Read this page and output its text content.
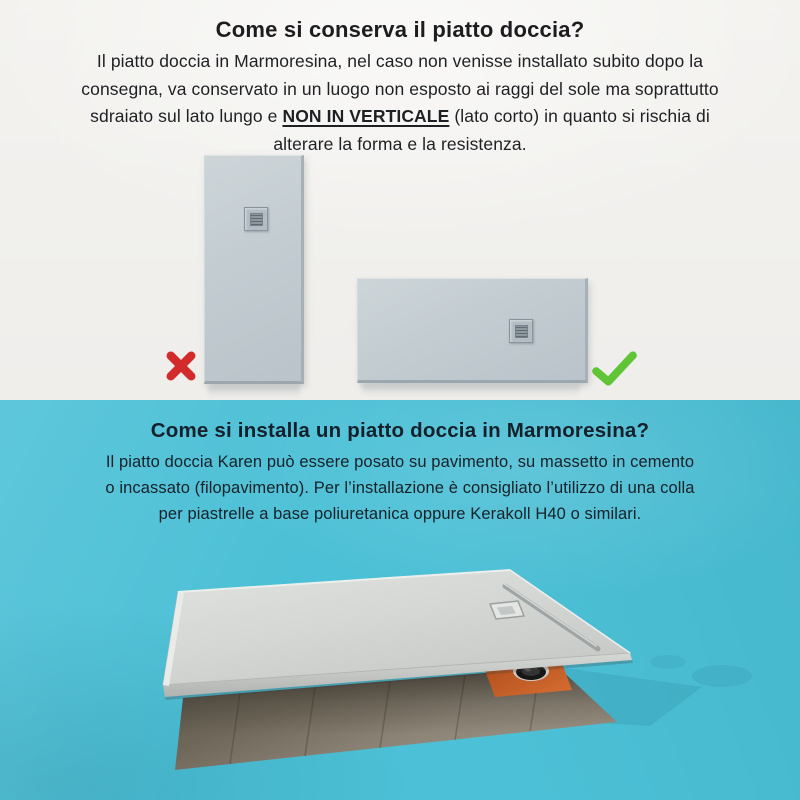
Come si conserva il piatto doccia?

Il piatto doccia in Marmoresina, nel caso non venisse installato subito dopo la

consegna, va conservato in un luogo non esposto ai raggi del sole ma soprattutto

sdraiato sul lato lungo e NON IN VERTICALE (lato corto) in quanto si rischia di

alterare la forma e la resistenza.

Come si installa un piatto doccia in Marmoresina?

Il piatto doccia Karen può essere posato su pavimento, su massetto in cemento

o incassato (filopavimento). Per l’installazione è consigliato l’utilizzo di una colla

per piastrelle a base poliuretanica oppure Kerakoll H40 o similari.
